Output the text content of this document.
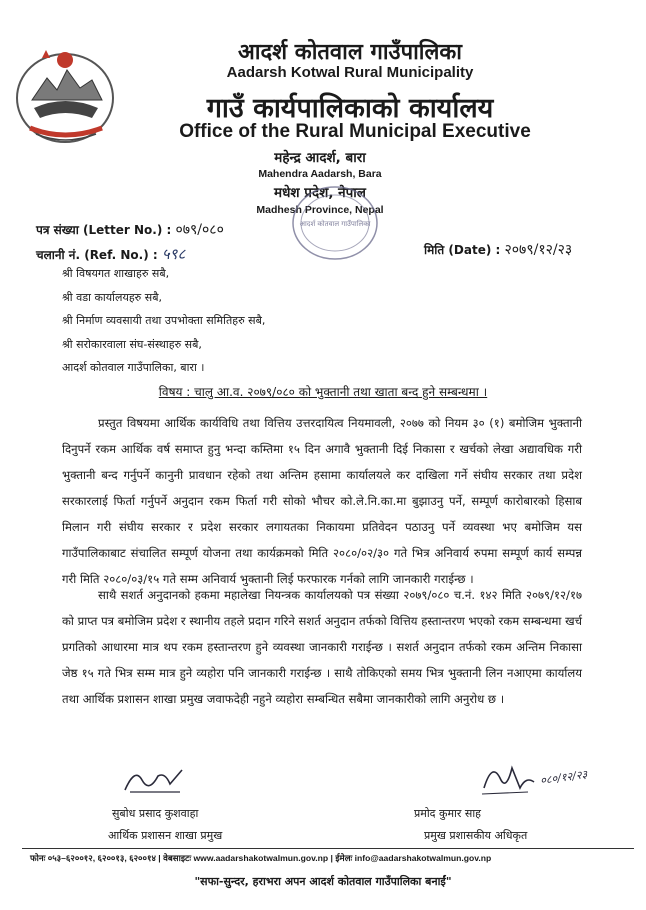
आदर्श कोतवाल गाउँपालिका
Aadarsh Kotwal Rural Municipality
गाउँ कार्यपालिकाको कार्यालय
Office of the Rural Municipal Executive
महेन्द्र आदर्श, बारा
Mahendra Aadarsh, Bara
मधेश प्रदेश, नेपाल
Madhesh Province, Nepal
आदर्श कोतवाल गाउँपालिका
पत्र संख्या (Letter No.) : ०७९/०८०
चलानी नं. (Ref. No.) : ५९८	मिति (Date) : २०७९/१२/२३
श्री विषयगत शाखाहरु सबै,
श्री वडा कार्यालयहरु सबै,
श्री निर्माण व्यवसायी तथा उपभोक्ता समितिहरु सबै,
श्री सरोकारवाला संघ-संस्थाहरु सबै,
आदर्श कोतवाल गाउँपालिका, बारा ।
विषय : चालु आ.व. २०७९/०८० को भुक्तानी तथा खाता बन्द हुने सम्बन्धमा ।
प्रस्तुत विषयमा आर्थिक कार्यविधि तथा वित्तिय उत्तरदायित्व नियमावली, २०७७ को नियम ३० (१) बमोजिम भुक्तानी दिनुपर्ने रकम आर्थिक वर्ष समाप्त हुनु भन्दा कम्तिमा १५ दिन अगावै भुक्तानी दिई निकासा र खर्चको लेखा अद्यावधिक गरी भुक्तानी बन्द गर्नुपर्ने कानुनी प्रावधान रहेको तथा अन्तिम हसामा कार्यालयले कर दाखिला गर्ने संघीय सरकार तथा प्रदेश सरकारलाई फिर्ता गर्नुपर्ने अनुदान रकम फिर्ता गरी सोको भौचर को.ले.नि.का.मा बुझाउनु पर्ने, सम्पूर्ण कारोबारको हिसाब मिलान गरी संघीय सरकार र प्रदेश सरकार लगायतका निकायमा प्रतिवेदन पठाउनु पर्ने व्यवस्था भए बमोजिम यस गाउँपालिकाबाट संचालित सम्पूर्ण योजना तथा कार्यक्रमको मिति २०८०/०२/३० गते भित्र अनिवार्य रुपमा सम्पूर्ण कार्य सम्पन्न गरी मिति २०८०/०३/१५ गते सम्म अनिवार्य भुक्तानी लिई फरफारक गर्नको लागि जानकारी गराईन्छ ।
साथै सशर्त अनुदानको हकमा महालेखा नियन्त्रक कार्यालयको पत्र संख्या २०७९/०८० च.नं. १४२ मिति २०७९/१२/१७ को प्राप्त पत्र बमोजिम प्रदेश र स्थानीय तहले प्रदान गरिने सशर्त अनुदान तर्फको वित्तिय हस्तान्तरण भएको रकम सम्बन्धमा खर्च प्रगतिको आधारमा मात्र थप रकम हस्तान्तरण हुने व्यवस्था जानकारी गराईन्छ । सशर्त अनुदान तर्फको रकम अन्तिम निकासा जेष्ठ १५ गते भित्र सम्म मात्र हुने व्यहोरा पनि जानकारी गराईन्छ । साथै तोकिएको समय भित्र भुक्तानी लिन नआएमा कार्यालय तथा आर्थिक प्रशासन शाखा प्रमुख जवाफदेही नहुने व्यहोरा सम्बन्धित सबैमा जानकारीको लागि अनुरोध छ ।
सुबोध प्रसाद कुशवाहा
आर्थिक प्रशासन शाखा प्रमुख
०८०/१२/२३
प्रमोद कुमार साह
प्रमुख प्रशासकीय अधिकृत
फोनः ०५३–६२००१२, ६२००१३, ६२००१४ | वेबसाइटः www.aadarshakotwalmun.gov.np | ईमेलः info@aadarshakotwalmun.gov.np
"सफा-सुन्दर, हराभरा अपन आदर्श कोतवाल गाउँपालिका बनाईं"
